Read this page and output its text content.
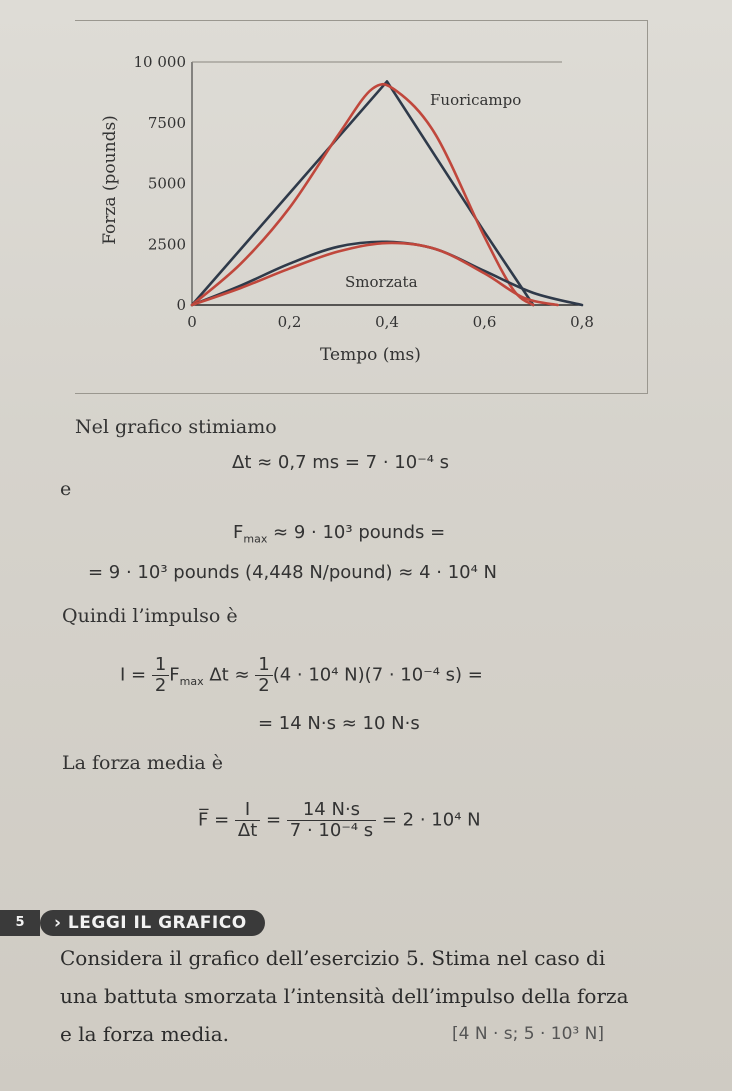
10 000
7500
5000
2500
0
0	0,2	0,4	0,6	0,8
Fuoricampo
Smorzata
Forza (pounds)
Tempo (ms)
Nel grafico stimiamo
Δt ≈ 0,7 ms = 7 · 10⁻⁴ s
e
$F_{max} \approx 9 \cdot 10^3$ pounds =
= 9 · 10³ pounds (4,448 N/pound) ≈ 4 · 10⁴ N
Quindi l’impulso è
$I = \frac{1}{2} F_{max}$ $\Delta t \approx \frac{1}{2} (4 \cdot 10^4$ N)(7 · 10⁻⁴ s) =
= 14 N·s ≈ 10 N·s
La forza media è
F̅ = $\frac{I}{\Delta t} = \frac{14 N\cdot s}{\text{7 · 10⁻⁴ s}} = 2 \cdot 10^4$ N
5	› LEGGI IL GRAFICO
Considera il grafico dell’esercizio 5. Stima nel caso di
una battuta smorzata l’intensità dell’impulso della forza
e la forza media.	[4 N · s; 5 · 10³ N]
